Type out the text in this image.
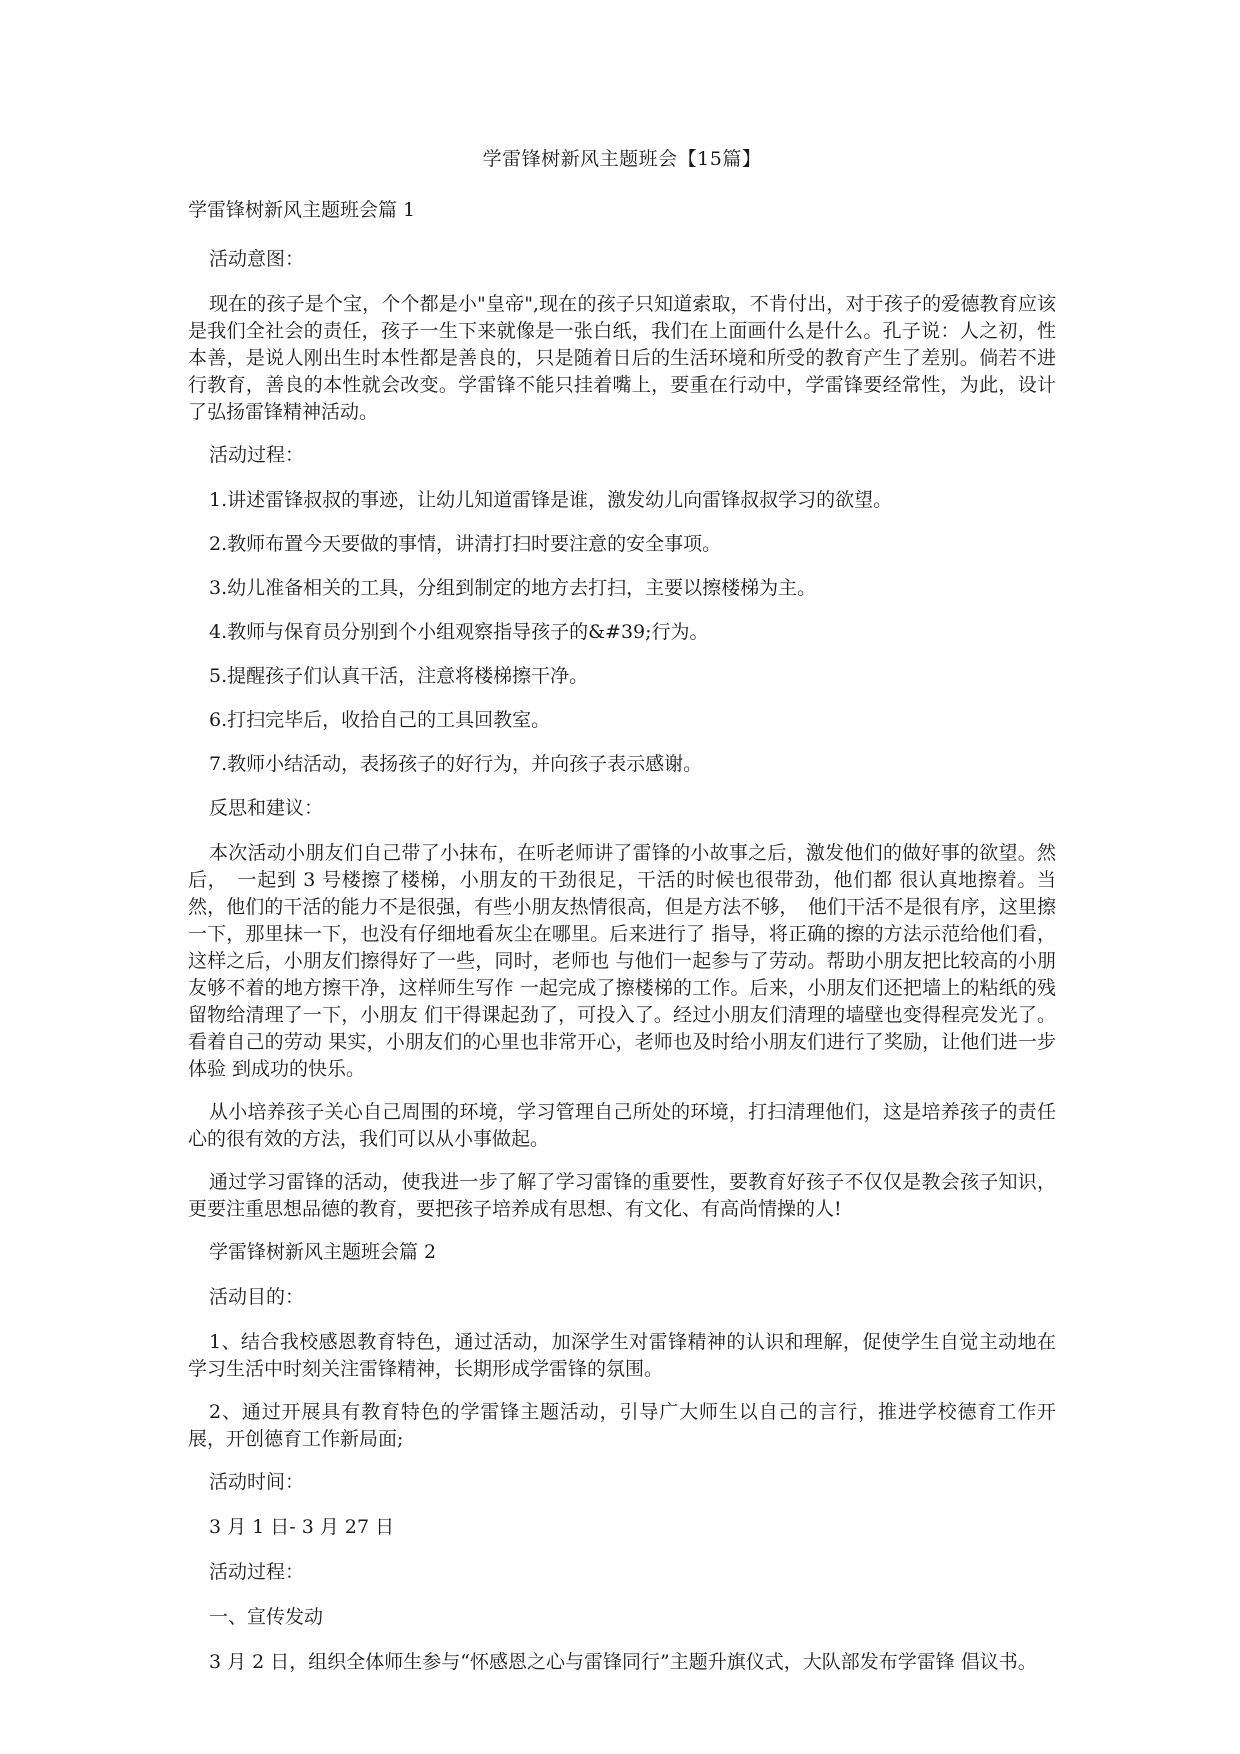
学雷锋树新风主题班会【15篇】
学雷锋树新风主题班会篇 1

活动意图：

现在的孩子是个宝，个个都是小"皇帝",现在的孩子只知道索取，不肯付出，对于孩子的爱德教育应该是我们全社会的责任，孩子一生下来就像是一张白纸，我们在上面画什么是什么。孔子说：人之初，性本善，是说人刚出生时本性都是善良的，只是随着日后的生活环境和所受的教育产生了差别。倘若不进行教育，善良的本性就会改变。学雷锋不能只挂着嘴上，要重在行动中，学雷锋要经常性，为此，设计了弘扬雷锋精神活动。

活动过程：

1.讲述雷锋叔叔的事迹，让幼儿知道雷锋是谁，激发幼儿向雷锋叔叔学习的欲望。

2.教师布置今天要做的事情，讲清打扫时要注意的安全事项。

3.幼儿准备相关的工具，分组到制定的地方去打扫，主要以擦楼梯为主。

4.教师与保育员分别到个小组观察指导孩子的&#39;行为。

5.提醒孩子们认真干活，注意将楼梯擦干净。

6.打扫完毕后，收拾自己的工具回教室。

7.教师小结活动，表扬孩子的好行为，并向孩子表示感谢。

反思和建议：

本次活动小朋友们自己带了小抹布，在听老师讲了雷锋的小故事之后，激发他们的做好事的欲望。然后，　一起到 3 号楼擦了楼梯，小朋友的干劲很足，干活的时候也很带劲，他们都 很认真地擦着。当然，他们的干活的能力不是很强，有些小朋友热情很高，但是方法不够，　他们干活不是很有序，这里擦一下，那里抹一下，也没有仔细地看灰尘在哪里。后来进行了 指导，将正确的擦的方法示范给他们看，这样之后，小朋友们擦得好了一些，同时，老师也 与他们一起参与了劳动。帮助小朋友把比较高的小朋友够不着的地方擦干净，这样师生写作 一起完成了擦楼梯的工作。后来，小朋友们还把墙上的粘纸的残留物给清理了一下，小朋友 们干得课起劲了，可投入了。经过小朋友们清理的墙壁也变得程亮发光了。看着自己的劳动 果实，小朋友们的心里也非常开心，老师也及时给小朋友们进行了奖励，让他们进一步体验 到成功的快乐。

从小培养孩子关心自己周围的环境，学习管理自己所处的环境，打扫清理他们，这是培养孩子的责任心的很有效的方法，我们可以从小事做起。

通过学习雷锋的活动，使我进一步了解了学习雷锋的重要性，要教育好孩子不仅仅是教会孩子知识，更要注重思想品德的教育，要把孩子培养成有思想、有文化、有高尚情操的人!

学雷锋树新风主题班会篇 2

活动目的：

1、结合我校感恩教育特色，通过活动，加深学生对雷锋精神的认识和理解，促使学生自觉主动地在学习生活中时刻关注雷锋精神，长期形成学雷锋的氛围。

2、通过开展具有教育特色的学雷锋主题活动，引导广大师生以自己的言行，推进学校德育工作开展，开创德育工作新局面;

活动时间：

3 月 1 日- 3 月 27 日

活动过程：

一、宣传发动

3 月 2 日，组织全体师生参与“怀感恩之心与雷锋同行”主题升旗仪式，大队部发布学雷锋 倡议书。
